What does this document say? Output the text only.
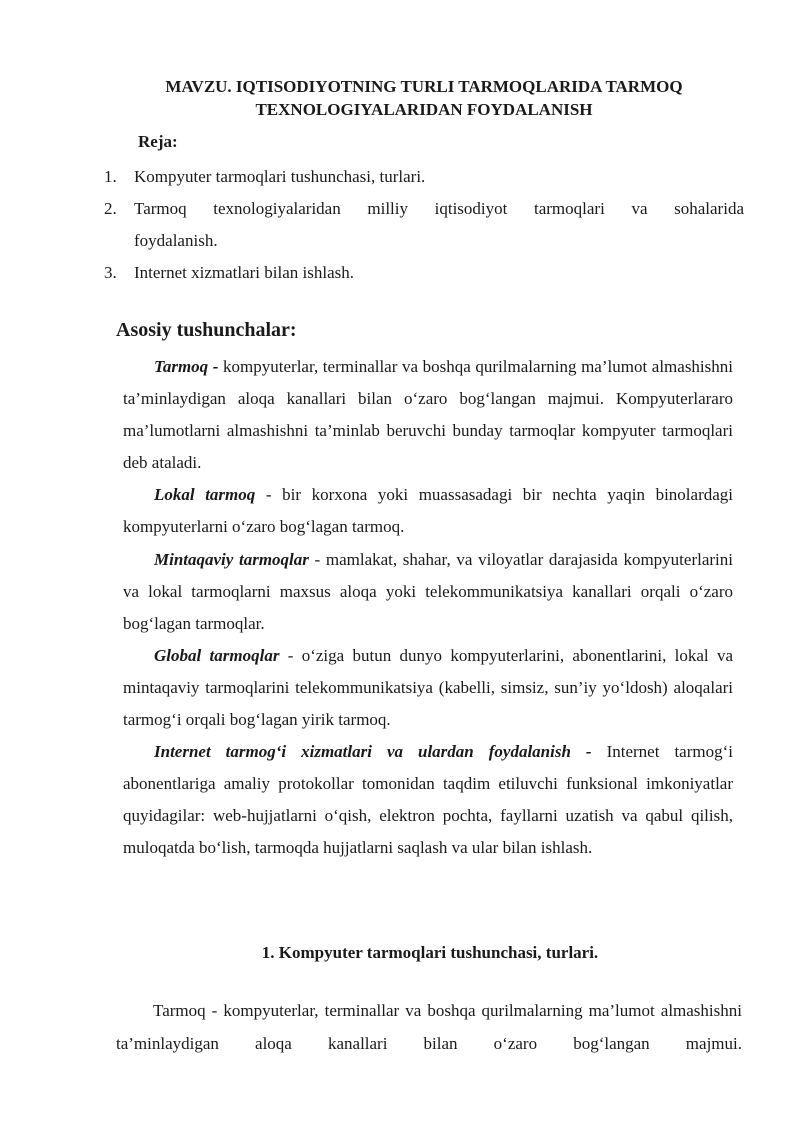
MAVZU. IQTISODIYOTNING TURLI TARMOQLARIDA TARMOQ TEXNOLOGIYALARIDAN FOYDALANISH

Reja:

1. Kompyuter tarmoqlari tushunchasi, turlari.
2. Tarmoq texnologiyalaridan milliy iqtisodiyot tarmoqlari va sohalarida
foydalanish.
3. Internet xizmatlari bilan ishlash.
Asosiy tushunchalar:

Tarmoq - kompyuterlar, terminallar va boshqa qurilmalarning ma’lumot almashishni ta’minlaydigan aloqa kanallari bilan o‘zaro bog‘langan majmui. Kompyuterlararo ma’lumotlarni almashishni ta’minlab beruvchi bunday tarmoqlar kompyuter tarmoqlari deb ataladi.

Lokal tarmoq - bir korxona yoki muassasadagi bir nechta yaqin binolardagi kompyuterlarni o‘zaro bog‘lagan tarmoq.

Mintaqaviy tarmoqlar - mamlakat, shahar, va viloyatlar darajasida kompyuterlarini va lokal tarmoqlarni maxsus aloqa yoki telekommunikatsiya kanallari orqali o‘zaro bog‘lagan tarmoqlar.

Global tarmoqlar - o‘ziga butun dunyo kompyuterlarini, abonentlarini, lokal va mintaqaviy tarmoqlarini telekommunikatsiya (kabelli, simsiz, sun’iy yo‘ldosh) aloqalari tarmog‘i orqali bog‘lagan yirik tarmoq.

Internet tarmog‘i xizmatlari va ulardan foydalanish - Internet tarmog‘i abonentlariga amaliy protokollar tomonidan taqdim etiluvchi funksional imkoniyatlar quyidagilar: web-hujjatlarni o‘qish, elektron pochta, fayllarni uzatish va qabul qilish, muloqatda bo‘lish, tarmoqda hujjatlarni saqlash va ular bilan ishlash.

1. Kompyuter tarmoqlari tushunchasi, turlari.

Tarmoq - kompyuterlar, terminallar va boshqa qurilmalarning ma’lumot almashishni ta’minlaydigan aloqa kanallari bilan o‘zaro bog‘langan majmui.
